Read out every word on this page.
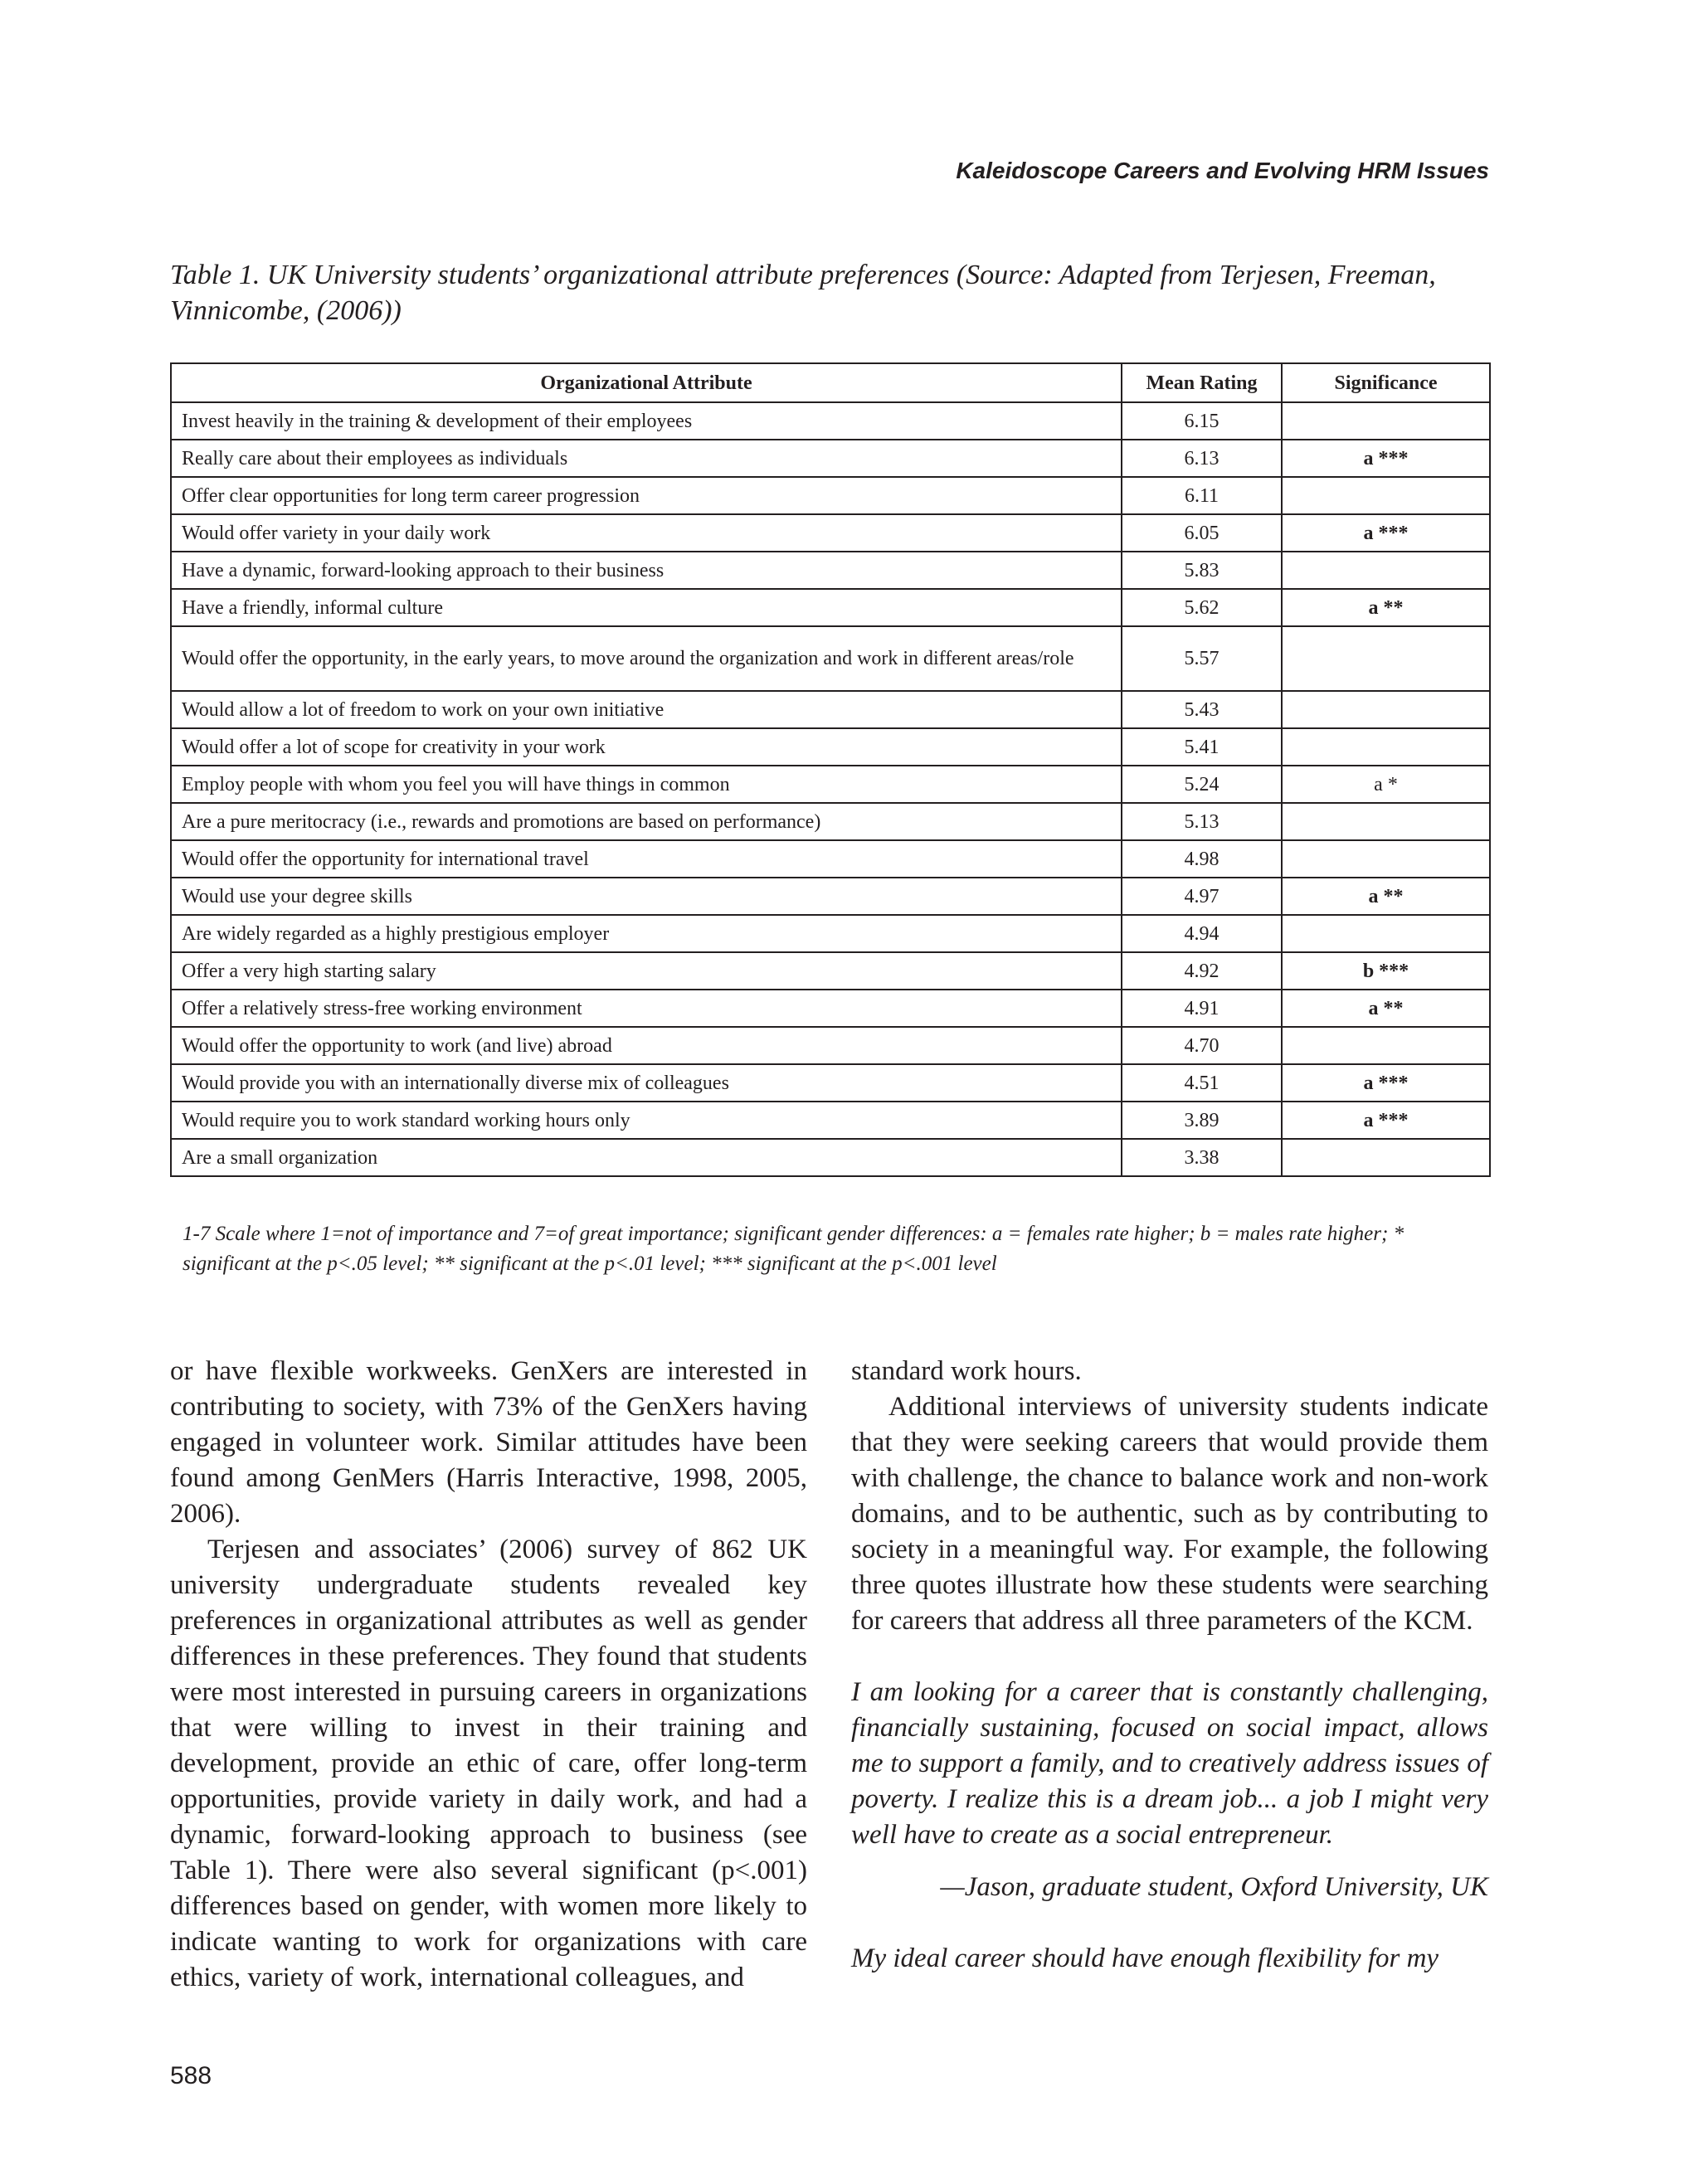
Kaleidoscope Careers and Evolving HRM Issues
Table 1. UK University students’ organizational attribute preferences (Source: Adapted from Terjesen, Freeman, Vinnicombe, (2006))
Organizational Attribute	Mean Rating	Significance
Invest heavily in the training & development of their employees	6.15	
Really care about their employees as individuals	6.13	a ***
Offer clear opportunities for long term career progression	6.11	
Would offer variety in your daily work	6.05	a ***
Have a dynamic, forward-looking approach to their business	5.83	
Have a friendly, informal culture	5.62	a **
Would offer the opportunity, in the early years, to move around the organization and work in different areas/role	5.57	
Would allow a lot of freedom to work on your own initiative	5.43	
Would offer a lot of scope for creativity in your work	5.41	
Employ people with whom you feel you will have things in common	5.24	a *
Are a pure meritocracy (i.e., rewards and promotions are based on performance)	5.13	
Would offer the opportunity for international travel	4.98	
Would use your degree skills	4.97	a **
Are widely regarded as a highly prestigious employer	4.94	
Offer a very high starting salary	4.92	b ***
Offer a relatively stress-free working environment	4.91	a **
Would offer the opportunity to work (and live) abroad	4.70	
Would provide you with an internationally diverse mix of colleagues	4.51	a ***
Would require you to work standard working hours only	3.89	a ***
Are a small organization	3.38	
1-7 Scale where 1=not of importance and 7=of great importance; significant gender differences: a = females rate higher; b = males rate higher; * significant at the p<.05 level; ** significant at the p<.01 level; *** significant at the p<.001 level

or have flexible workweeks. GenXers are interested in contributing to society, with 73% of the GenXers having engaged in volunteer work. Similar attitudes have been found among GenMers (Harris Interactive, 1998, 2005, 2006).

Terjesen and associates’ (2006) survey of 862 UK university undergraduate students revealed key preferences in organizational attributes as well as gender differences in these preferences. They found that students were most interested in pursuing careers in organizations that were willing to invest in their training and development, provide an ethic of care, offer long-term opportunities, provide variety in daily work, and had a dynamic, forward-looking approach to business (see Table 1). There were also several significant (p<.001) differences based on gender, with women more likely to indicate wanting to work for organizations with care ethics, variety of work, international colleagues, and

standard work hours.

Additional interviews of university students indicate that they were seeking careers that would provide them with challenge, the chance to balance work and non-work domains, and to be authentic, such as by contributing to society in a meaningful way. For example, the following three quotes illustrate how these students were searching for careers that address all three parameters of the KCM.

I am looking for a career that is constantly challenging, financially sustaining, focused on social impact, allows me to support a family, and to creatively address issues of poverty. I realize this is a dream job... a job I might very well have to create as a social entrepreneur.

—Jason, graduate student, Oxford University, UK

My ideal career should have enough flexibility for my

588
